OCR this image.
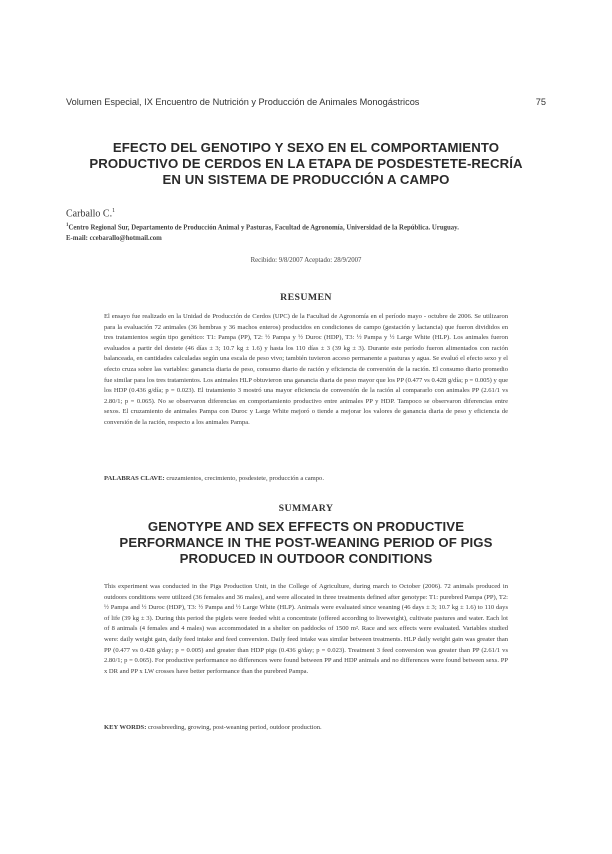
Volumen Especial, IX Encuentro de Nutrición y Producción de Animales Monogástricos	75
EFECTO DEL GENOTIPO Y SEXO EN EL COMPORTAMIENTO
PRODUCTIVO DE CERDOS EN LA ETAPA DE POSDESTETE-RECRÍA
EN UN SISTEMA DE PRODUCCIÓN A CAMPO
Carballo C.$^1$
$^1$Centro Regional Sur, Departamento de Producción Animal y Pasturas, Facultad de Agronomía, Universidad de la República. Uruguay.
E-mail: ccebarallo@hotmail.com
Recibido: 9/8/2007 Aceptado: 28/9/2007
RESUMEN
El ensayo fue realizado en la Unidad de Producción de Cerdos (UPC) de la Facultad de Agronomía en el período mayo - octubre de 2006. Se utilizaron para la evaluación 72 animales (36 hembras y 36 machos enteros) producidos en condiciones de campo (gestación y lactancia) que fueron divididos en tres tratamientos según tipo genético: T1: Pampa (PP), T2: ½ Pampa y ½ Duroc (HDP), T3: ½ Pampa y ½ Large White (HLP). Los animales fueron evaluados a partir del destete (46 días ± 3; 10.7 kg ± 1.6) y hasta los 110 días ± 3 (39 kg ± 3). Durante este período fueron alimentados con ración balanceada, en cantidades calculadas según una escala de peso vivo; también tuvieron acceso permanente a pasturas y agua. Se evaluó el efecto sexo y el efecto cruza sobre las variables: ganancia diaria de peso, consumo diario de ración y eficiencia de conversión de la ración. El consumo diario promedio fue similar para los tres tratamientos. Los animales HLP obtuvieron una ganancia diaria de peso mayor que los PP (0.477 vs 0.428 g/día; p = 0.005) y que los HDP (0.436 g/día; p = 0.023). El tratamiento 3 mostró una mayor eficiencia de conversión de la ración al compararlo con animales PP (2.61/1 vs 2.80/1; p = 0.065). No se observaron diferencias en comportamiento productivo entre animales PP y HDP. Tampoco se observaron diferencias entre sexos. El cruzamiento de animales Pampa con Duroc y Large White mejoró o tiende a mejorar los valores de ganancia diaria de peso y eficiencia de conversión de la ración, respecto a los animales Pampa.
PALABRAS CLAVE: cruzamientos, crecimiento, posdestete, producción a campo.
SUMMARY
GENOTYPE AND SEX EFFECTS ON PRODUCTIVE
PERFORMANCE IN THE POST-WEANING PERIOD OF PIGS
PRODUCED IN OUTDOOR CONDITIONS
This experiment was conducted in the Pigs Production Unit, in the College of Agriculture, during march to October (2006). 72 animals produced in outdoors conditions were utilized (36 females and 36 males), and were allocated in three treatments defined after genotype: T1: purebred Pampa (PP), T2: ½ Pampa and ½ Duroc (HDP), T3: ½ Pampa and ½ Large White (HLP). Animals were evaluated since weaning (46 days ± 3; 10.7 kg ± 1.6) to 110 days of life (39 kg ± 3). During this period the piglets were feeded whit a concentrate (offered according to liveweight), cultivate pastures and water. Each lot of 8 animals (4 females and 4 males) was accommodated in a shelter on paddocks of 1500 m². Race and sex effects were evaluated. Variables studied were: daily weight gain, daily feed intake and feed conversion. Daily feed intake was similar between treatments. HLP daily weight gain was greater than PP (0.477 vs 0.428 g/day; p = 0.005) and greater than HDP pigs (0.436 g/day; p = 0.023). Treatment 3 feed conversion was greater than PP (2.61/1 vs 2.80/1; p = 0.065). For productive performance no differences were found between PP and HDP animals and no differences were found between sexs. PP x DR and PP x LW crosses have better performance than the purebred Pampa.
KEY WORDS: crossbreeding, growing, post-weaning period, outdoor production.
